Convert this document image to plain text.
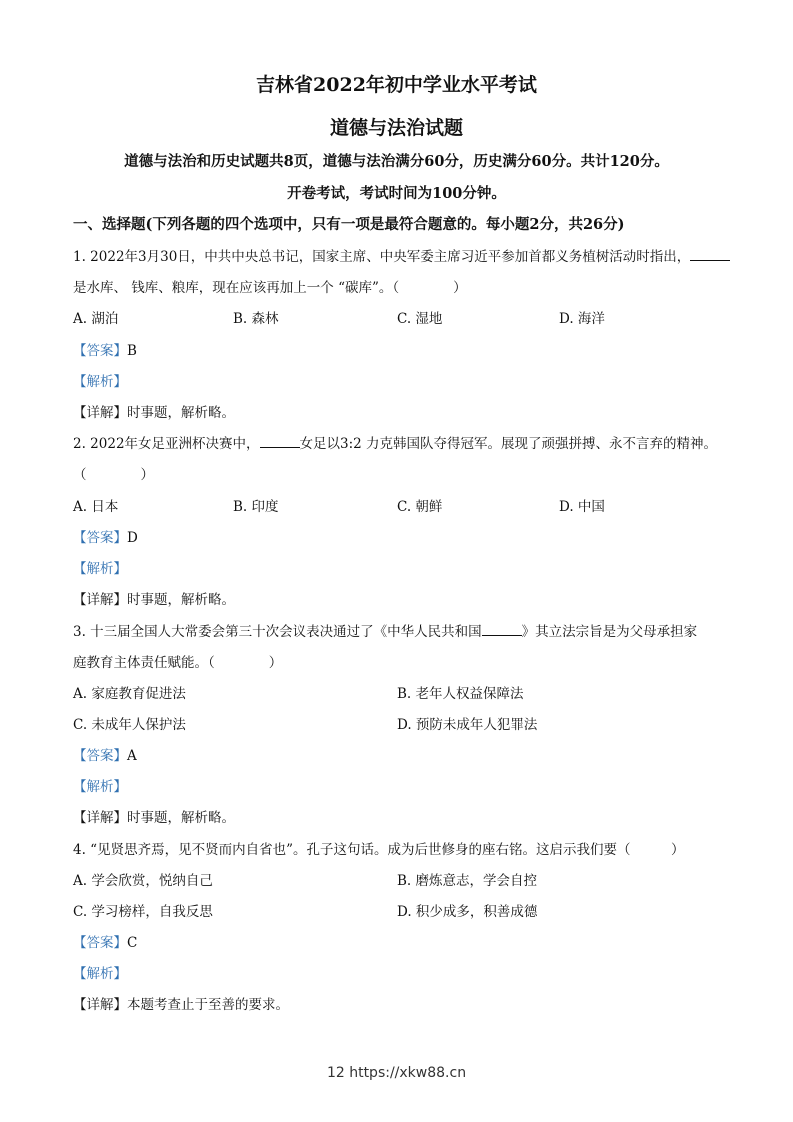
吉林省2022年初中学业水平考试
道德与法治试题
道德与法治和历史试题共8页，道德与法治满分60分，历史满分60分。共计120分。
开卷考试，考试时间为100分钟。
一、选择题(下列各题的四个选项中，只有一项是最符合题意的。每小题2分，共26分)
1. 2022年3月30日，中共中央总书记，国家主席、中央军委主席习近平参加首都义务植树活动时指出，
是水库、 钱库、粮库，现在应该再加上一个 “碳库”。（　　　　）
A. 湖泊	B. 森林	C. 湿地	D. 海洋
【答案】B
【解析】
【详解】时事题，解析略。
2. 2022年女足亚洲杯决赛中，	女足以3:2 力克韩国队夺得冠军。展现了顽强拼搏、永不言弃的精神。
（　　　　）
A. 日本	B. 印度	C. 朝鲜	D. 中国
【答案】D
【解析】
【详解】时事题，解析略。
3. 十三届全国人大常委会第三十次会议表决通过了《中华人民共和国	》其立法宗旨是为父母承担家
庭教育主体责任赋能。（　　　　）
A. 家庭教育促进法	B. 老年人权益保障法
C. 未成年人保护法	D. 预防未成年人犯罪法
【答案】A
【解析】
【详解】时事题，解析略。
4. “见贤思齐焉，见不贤而内自省也”。孔子这句话。成为后世修身的座右铭。这启示我们要（　　　）
A. 学会欣赏，悦纳自己	B. 磨炼意志，学会自控
C. 学习榜样，自我反思	D. 积少成多，积善成德
【答案】C
【解析】
【详解】本题考查止于至善的要求。
12 https://xkw88.cn
